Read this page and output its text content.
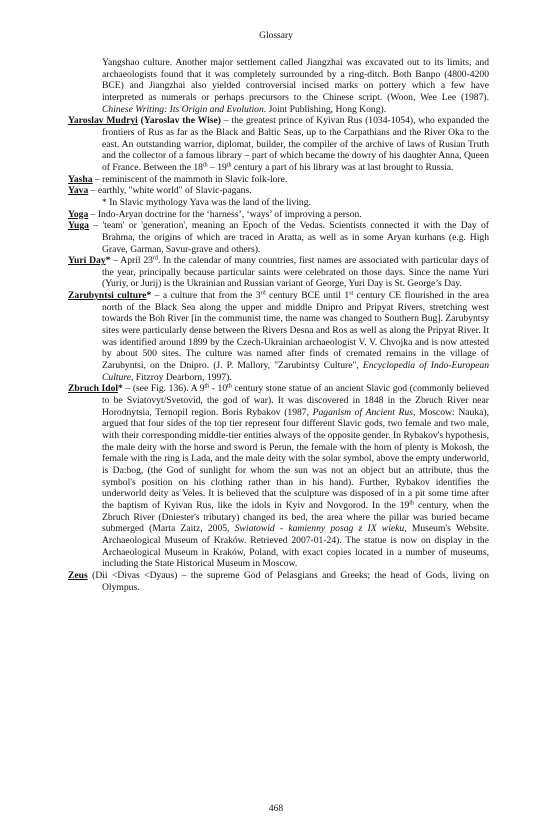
Glossary

Yangshao culture. Another major settlement called Jiangzhai was excavated out to its limits, and archaeologists found that it was completely surrounded by a ring-ditch. Both Banpo (4800-4200 BCE) and Jiangzhai also yielded controversial incised marks on pottery which a few have interpreted as numerals or perhaps precursors to the Chinese script. (Woon, Wee Lee (1987). Chinese Writing: Its Origin and Evolution. Joint Publishing, Hong Kong).

Yaroslav Mudryi (Yaroslav the Wise) – the greatest prince of Kyivan Rus (1034-1054), who expanded the frontiers of Rus as far as the Black and Baltic Seas, up to the Carpathians and the River Oka to the east. An outstanding warrior, diplomat, builder, the compiler of the archive of laws of Rusian Truth and the collector of a famous library – part of which became the dowry of his daughter Anna, Queen of France. Between the 18th – 19th century a part of his library was at last brought to Russia.

Yasha – reminiscent of the mammoth in Slavic folk-lore.

Yava – earthly, "white world" of Slavic-pagans.

* In Slavic mythology Yava was the land of the living.

Yoga – Indo-Aryan doctrine for the ‘harness’, ‘ways’ of improving a person.

Yuga – 'team' or 'generation', meaning an Epoch of the Vedas. Scientists connected it with the Day of Brahma, the origins of which are traced in Aratta, as well as in some Aryan kurhans (e.g. High Grave, Garman, Savur-grave and others).

Yuri Day* – April 23rd. In the calendar of many countries, first names are associated with particular days of the year, principally because particular saints were celebrated on those days. Since the name Yuri (Yuriy, or Jurij) is the Ukrainian and Russian variant of George, Yuri Day is St. George’s Day.

Zarubyntsi culture* – a culture that from the 3rd century BCE until 1st century CE flourished in the area north of the Black Sea along the upper and middle Dnipro and Pripyat Rivers, stretching west towards the Boh River [in the communist time, the name was changed to Southern Bug]. Zarubyntsy sites were particularly dense between the Rivers Desna and Ros as well as along the Pripyat River. It was identified around 1899 by the Czech-Ukrainian archaeologist V. V. Chvojka and is now attested by about 500 sites. The culture was named after finds of cremated remains in the village of Zarubyntsi, on the Dnipro. (J. P. Mallory, "Zarubintsy Culture", Encyclopedia of Indo-European Culture, Fitzroy Dearborn, 1997).

Zbruch Idol* – (see Fig. 136). A 9th - 10th century stone statue of an ancient Slavic god (commonly believed to be Sviatovyt/Svetovid, the god of war). It was discovered in 1848 in the Zbruch River near Horodnytsia, Ternopil region. Boris Rybakov (1987, Paganism of Ancient Rus, Moscow: Nauka), argued that four sides of the top tier represent four different Slavic gods, two female and two male, with their corresponding middle-tier entities always of the opposite gender. In Rybakov's hypothesis, the male deity with the horse and sword is Perun, the female with the horn of plenty is Mokosh, the female with the ring is Lada, and the male deity with the solar symbol, above the empty underworld, is Da:bog, (the God of sunlight for whom the sun was not an object but an attribute, thus the symbol's position on his clothing rather than in his hand). Further, Rybakov identifies the underworld deity as Veles. It is believed that the sculpture was disposed of in a pit some time after the baptism of Kyivan Rus, like the idols in Kyiv and Novgorod. In the 19th century, when the Zbruch River (Dniester's tributary) changed its bed, the area where the pillar was buried became submerged (Marta Zaitz, 2005, Swiatowid - kamienny posag z IX wieku, Museum's Website. Archaeological Museum of Kraków. Retrieved 2007-01-24). The statue is now on display in the Archaeological Museum in Kraków, Poland, with exact copies located in a number of museums, including the State Historical Museum in Moscow.

Zeus (Dii <Divas <Dyaus) – the supreme God of Pelasgians and Greeks; the head of Gods, living on Olympus.

468
